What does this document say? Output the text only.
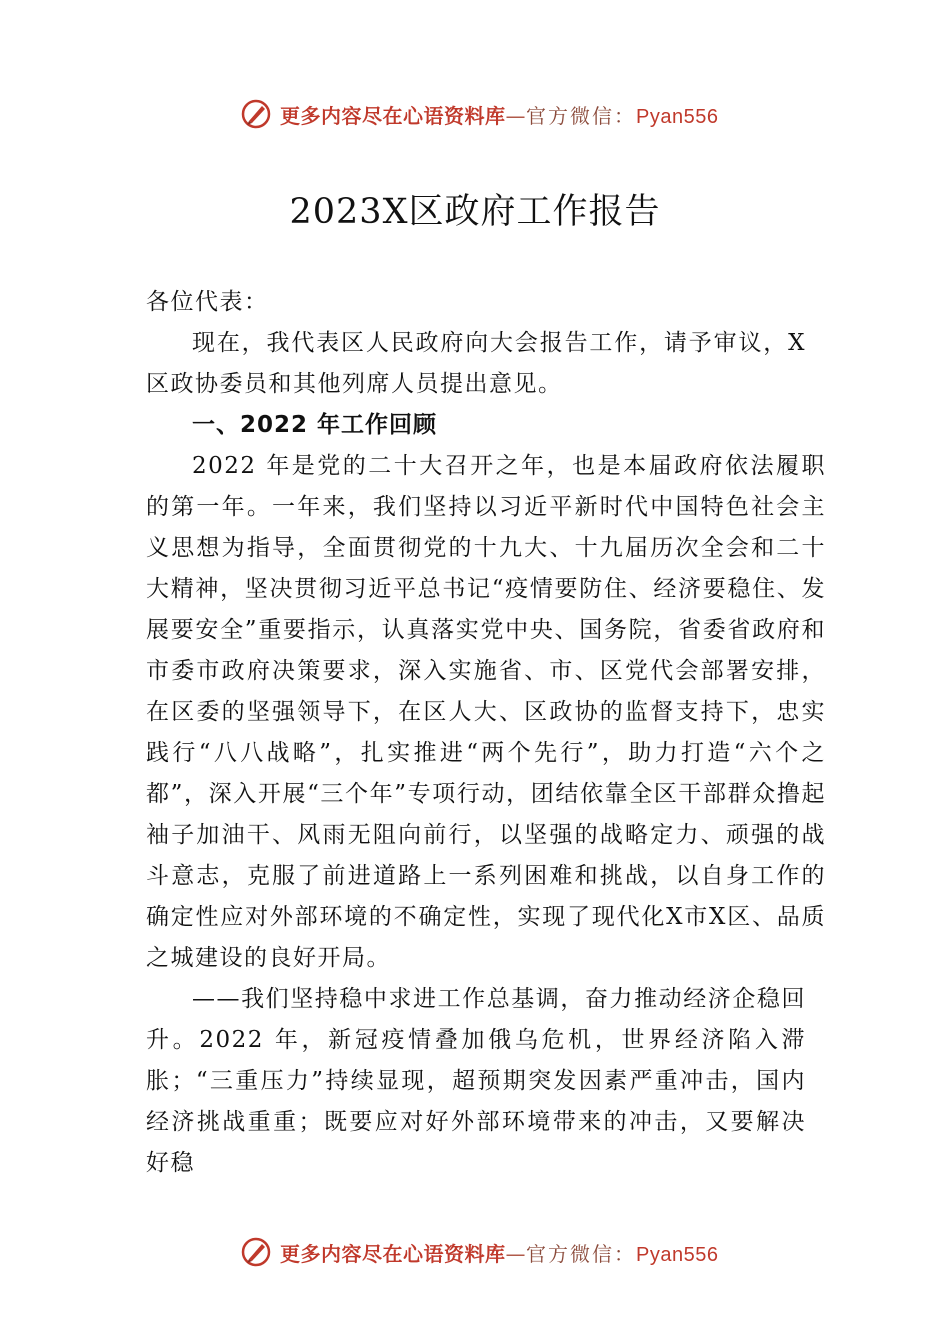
更多内容尽在心语资料库—官方微信：Pyan556
2023X区政府工作报告

各位代表：

现在，我代表区人民政府向大会报告工作，请予审议，X区政协委员和其他列席人员提出意见。

一、2022 年工作回顾

2022 年是党的二十大召开之年，也是本届政府依法履职的第一年。一年来，我们坚持以习近平新时代中国特色社会主义思想为指导，全面贯彻党的十九大、十九届历次全会和二十大精神，坚决贯彻习近平总书记“疫情要防住、经济要稳住、发展要安全”重要指示，认真落实党中央、国务院，省委省政府和市委市政府决策要求，深入实施省、市、区党代会部署安排，在区委的坚强领导下，在区人大、区政协的监督支持下，忠实践行“八八战略”，扎实推进“两个先行”，助力打造“六个之都”，深入开展“三个年”专项行动，团结依靠全区干部群众撸起袖子加油干、风雨无阻向前行，以坚强的战略定力、顽强的战斗意志，克服了前进道路上一系列困难和挑战，以自身工作的确定性应对外部环境的不确定性，实现了现代化X市X区、品质之城建设的良好开局。

——我们坚持稳中求进工作总基调，奋力推动经济企稳回升。2022 年，新冠疫情叠加俄乌危机，世界经济陷入滞胀；“三重压力”持续显现，超预期突发因素严重冲击，国内经济挑战重重；既要应对好外部环境带来的冲击，又要解决好稳

更多内容尽在心语资料库—官方微信：Pyan556
